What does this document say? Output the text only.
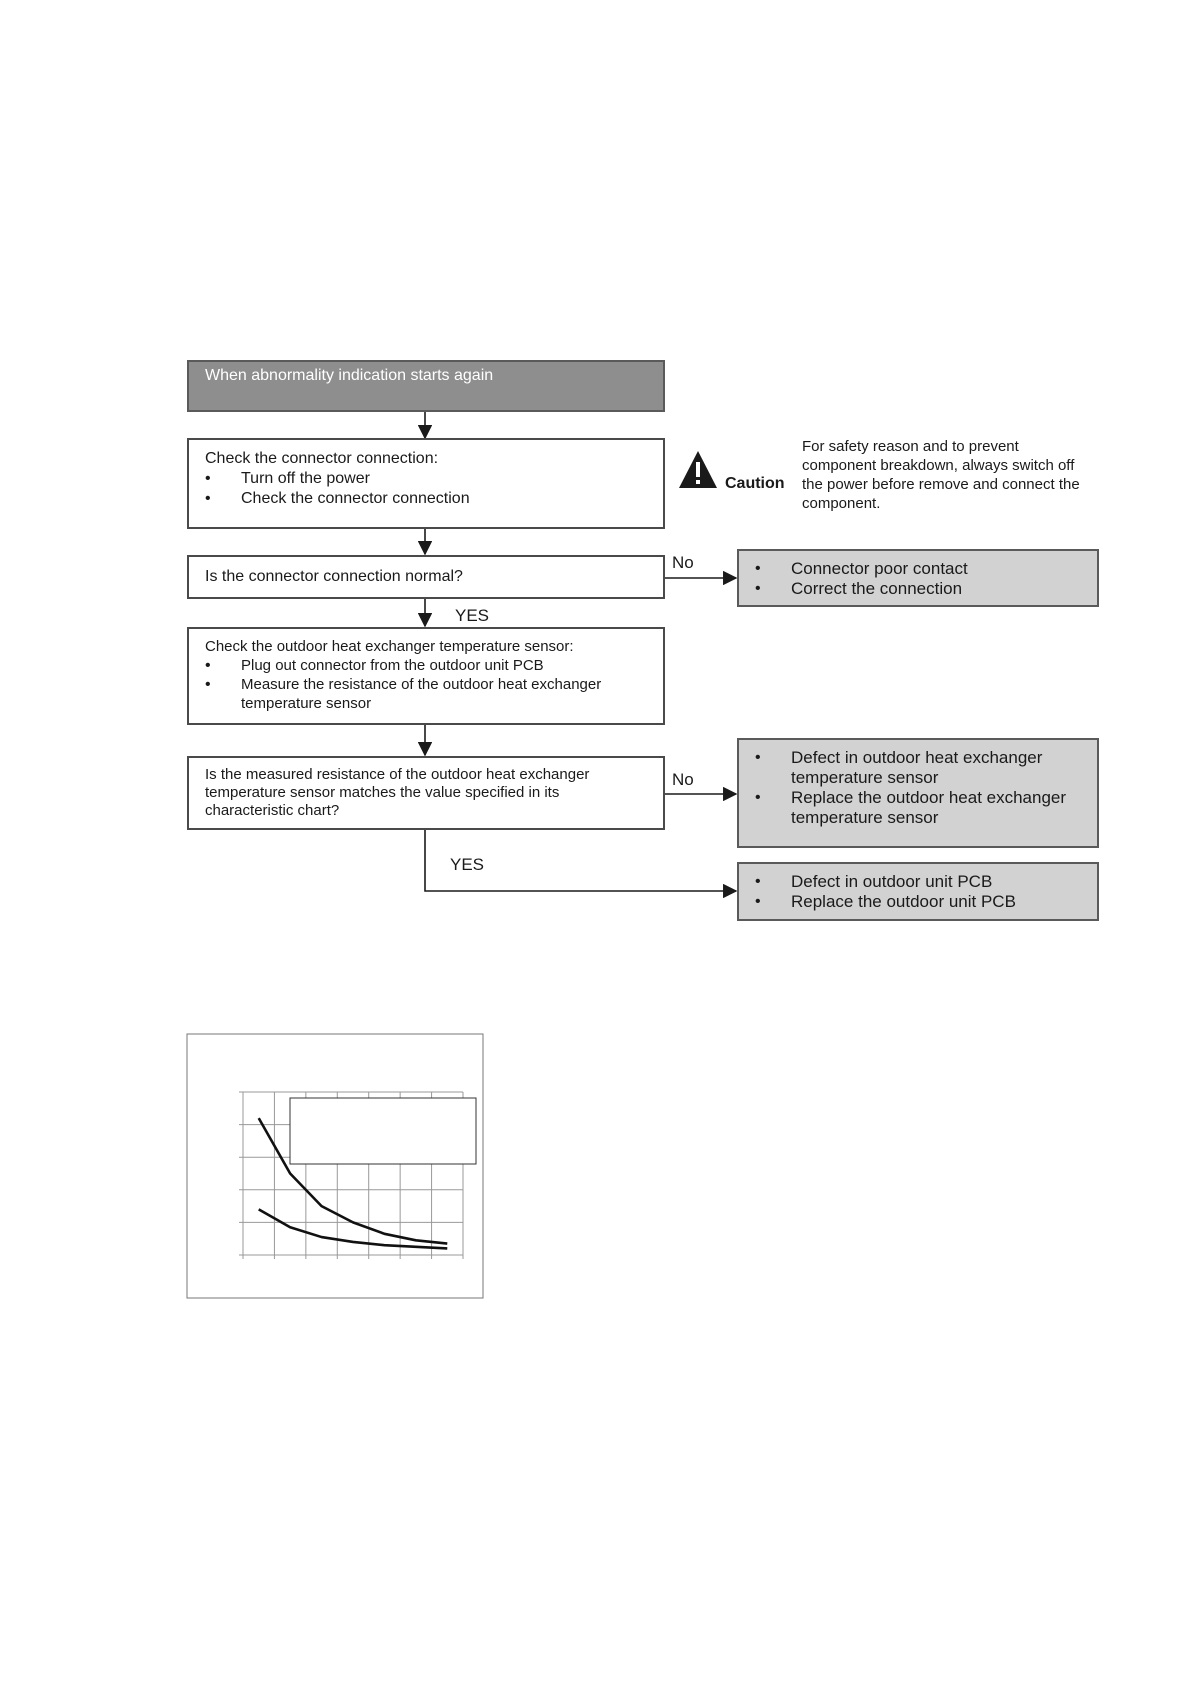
Caution

When abnormality indication starts again

Check the connector connection:

• Turn off the power
• Check the connector connection
For safety reason and to prevent component breakdown, always switch off the power before remove and connect the component.

Is the connector connection normal?

No
•	Connector poor contact
• Correct the connection
YES

Check the outdoor heat exchanger temperature sensor:

• Plug out connector from the outdoor unit PCB
• Measure the resistance of the outdoor heat exchanger temperature sensor

Is the measured resistance of the outdoor heat exchanger temperature sensor matches the value specified in its characteristic chart?

No
• Defect in outdoor heat exchanger temperature sensor
• Replace the outdoor heat exchanger temperature sensor
YES
• Defect in outdoor unit PCB
• Replace the outdoor unit PCB
